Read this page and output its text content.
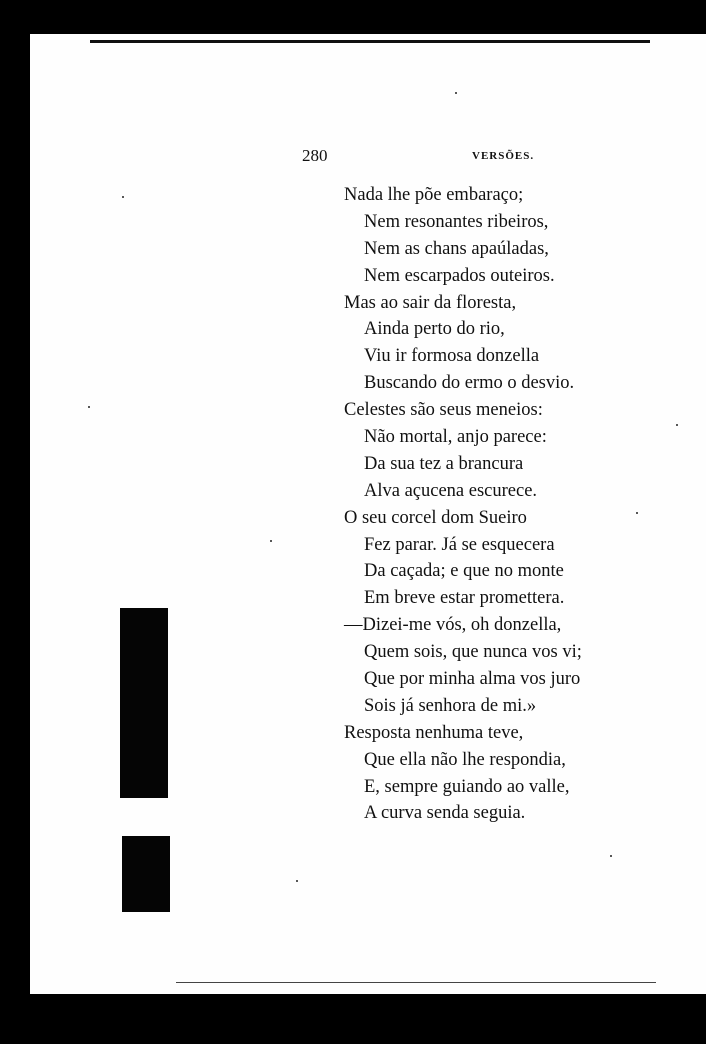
280	VERSÕES.
Nada lhe põe embaraço;
Nem resonantes ribeiros,
Nem as chans apaúladas,
Nem escarpados outeiros.
Mas ao sair da floresta,
Ainda perto do rio,
Viu ir formosa donzella
Buscando do ermo o desvio.
Celestes são seus meneios:
Não mortal, anjo parece:
Da sua tez a brancura
Alva açucena escurece.
O seu corcel dom Sueiro
Fez parar. Já se esquecera
Da caçada; e que no monte
Em breve estar promettera.
—Dizei-me vós, oh donzella,
Quem sois, que nunca vos vi;
Que por minha alma vos juro
Sois já senhora de mi.»
Resposta nenhuma teve,
Que ella não lhe respondia,
E, sempre guiando ao valle,
A curva senda seguia.
